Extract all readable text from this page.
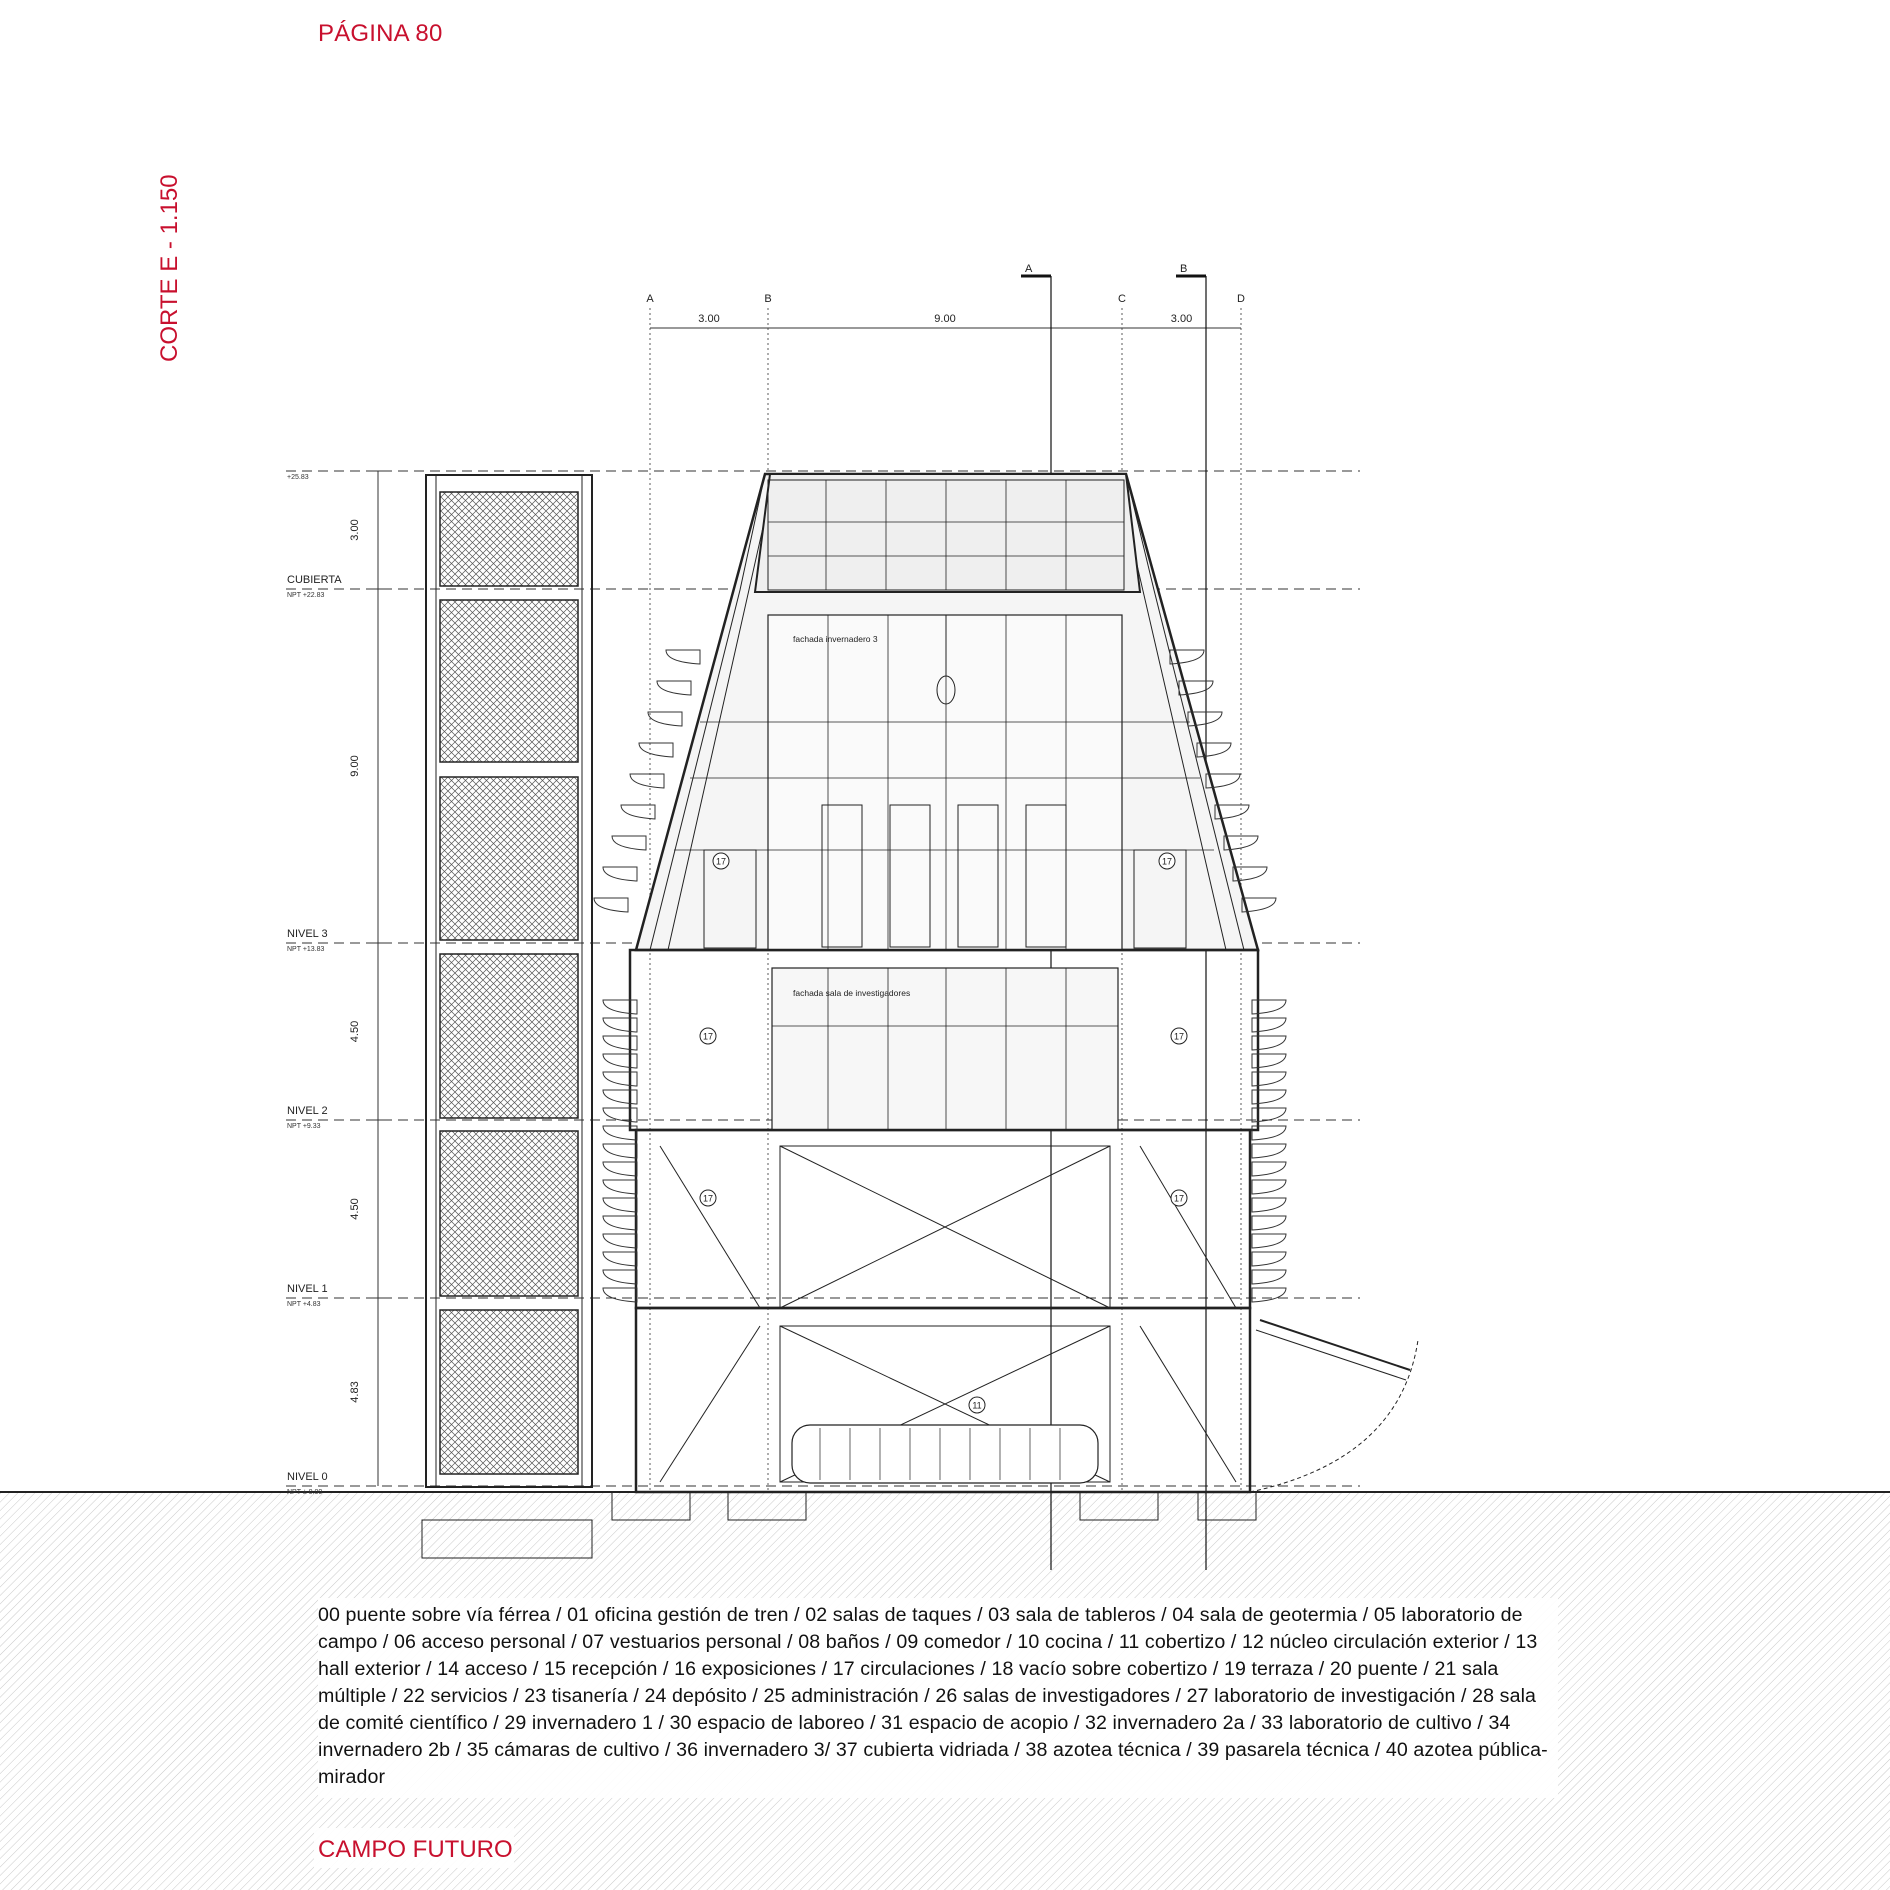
PÁGINA 80
CORTE E - 1.150
+25.83
CUBIERTA
NPT +22.83
NIVEL 3
NPT +13.83
NIVEL 2
NPT +9.33
NIVEL 1
NPT +4.83
NIVEL 0
NPT ± 0.00
3.00
9.00
4.50
4.50
4.83
A	B	C	D
3.00	9.00	3.00
A	B
fachada invernadero 3
fachada sala de investigadores
17	17
17	17
17	17
11
00 puente sobre vía férrea / 01 oficina gestión de tren / 02 salas de taques / 03 sala de tableros / 04 sala de geotermia / 05 laboratorio de campo / 06 acceso personal / 07 vestuarios personal / 08 baños / 09 comedor / 10 cocina / 11 cobertizo / 12 núcleo circulación exterior / 13 hall exterior / 14 acceso / 15 recepción / 16 exposiciones / 17 circulaciones / 18 vacío sobre cobertizo / 19 terraza / 20 puente / 21 sala múltiple / 22 servicios / 23 tisanería / 24 depósito / 25 administración / 26 salas de investigadores / 27 laboratorio de investigación / 28 sala de comité científico / 29 invernadero 1 / 30 espacio de laboreo / 31 espacio de acopio / 32 invernadero 2a / 33 laboratorio de cultivo / 34 invernadero 2b / 35 cámaras de cultivo / 36 invernadero 3/ 37 cubierta vidriada / 38 azotea técnica / 39 pasarela técnica / 40 azotea pública-mirador
CAMPO FUTURO
